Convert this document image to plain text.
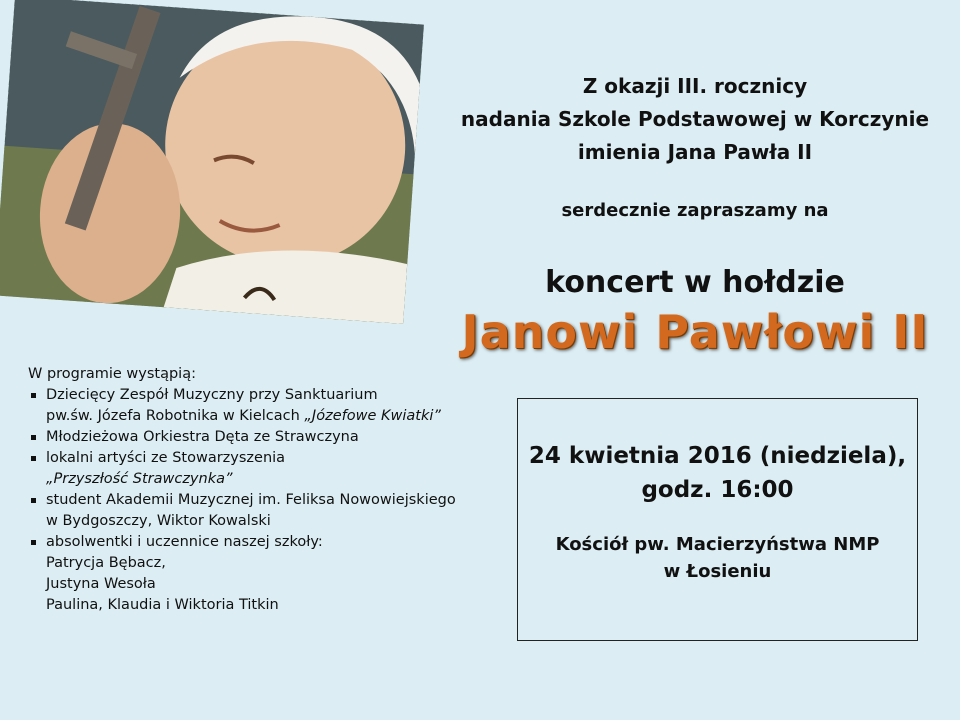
Z okazji III. rocznicy
nadania Szkole Podstawowej w Korczynie
imienia Jana Pawła II
serdecznie zapraszamy na
koncert w hołdzie
Janowi Pawłowi II
W programie wystąpią:
Dziecięcy Zespół Muzyczny przy Sanktuarium
pw.św. Józefa Robotnika w Kielcach „Józefowe Kwiatki”
Młodzieżowa Orkiestra Dęta ze Strawczyna
lokalni artyści ze Stowarzyszenia
„Przyszłość Strawczynka”
student Akademii Muzycznej im. Feliksa Nowowiejskiego
w Bydgoszczy, Wiktor Kowalski
absolwentki i uczennice naszej szkoły:
Patrycja Bębacz,
Justyna Wesoła
Paulina, Klaudia i Wiktoria Titkin
24 kwietnia 2016 (niedziela),
godz. 16:00
Kościół pw. Macierzyństwa NMP
w Łosieniu
